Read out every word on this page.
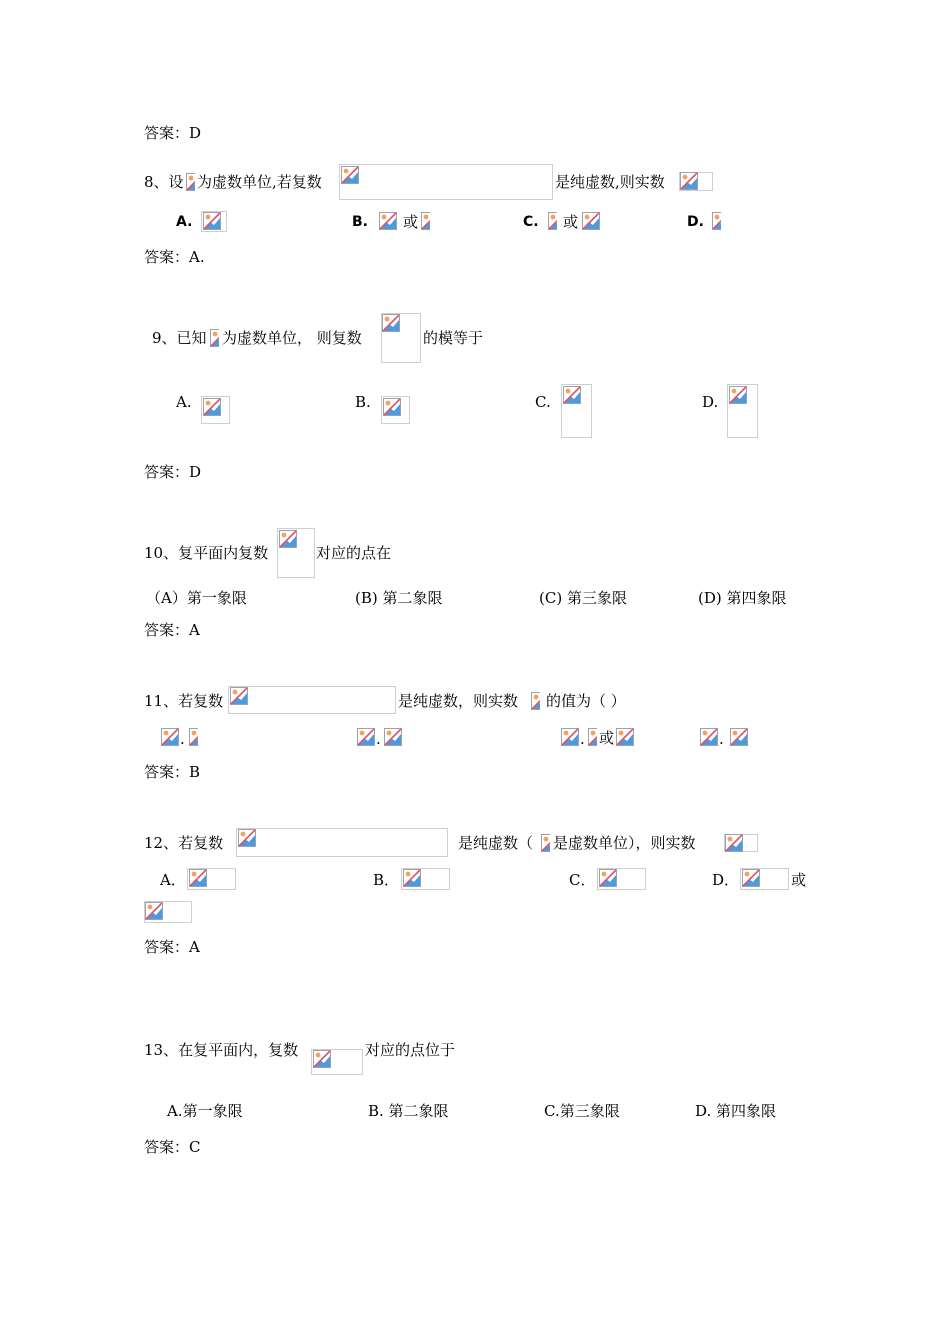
答案：D
8、设 为虚数单位,若复数	是纯虚数,则实数
A.	B. 或	C. 或	D.
答案：A.
9、已知 为虚数单位， 则复数	的模等于
A.	B.	C.	D.
答案：D
10、复平面内复数	对应的点在
（A）第一象限	(B) 第二象限	(C) 第三象限	(D) 第四象限
答案：A
11、若复数	是纯虚数，则实数 的值为（ ）
.	.	. 或	.
答案：B
12、若复数	是纯虚数（ 是虚数单位），则实数
A．	B．	C．	D．	或
答案：A
13、在复平面内，复数	对应的点位于
A.第一象限	B. 第二象限	C.第三象限	D. 第四象限
答案：C
